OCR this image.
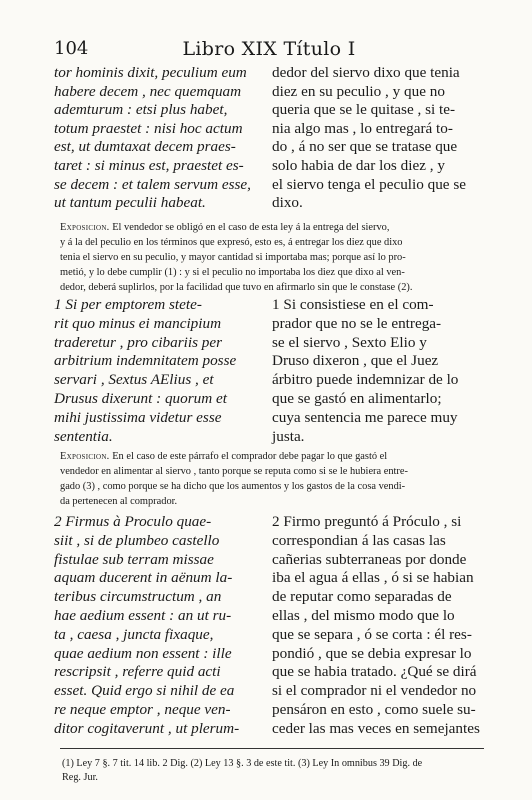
104	Libro XIX Título I

tor hominis dixit, peculium eum
habere decem , nec quemquam
ademturum : etsi plus habet,
totum praestet : nisi hoc actum
est, ut dumtaxat decem praes-
taret : si minus est, praestet es-
se decem : et talem servum esse,
ut tantum peculii habeat.

dedor del siervo dixo que tenia
diez en su peculio , y que no
queria que se le quitase , si te-
nia algo mas , lo entregará to-
do , á no ser que se tratase que
solo habia de dar los diez , y
el siervo tenga el peculio que se
dixo.

Exposicion. El vendedor se obligó en el caso de esta ley á la entrega del siervo,
y á la del peculio en los términos que expresó, esto es, á entregar los diez que dixo
tenia el siervo en su peculio, y mayor cantidad si importaba mas; porque así lo pro-
metió, y lo debe cumplir (1) : y si el peculio no importaba los diez que dixo al ven-
dedor, deberá suplirlos, por la facilidad que tuvo en afirmarlo sin que le constase (2).

1 Si per emptorem stete-
rit quo minus ei mancipium
traderetur , pro cibariis per
arbitrium indemnitatem posse
servari , Sextus AElius , et
Drusus dixerunt : quorum et
mihi justissima videtur esse
sententia.

1 Si consistiese en el com-
prador que no se le entrega-
se el siervo , Sexto Elio y
Druso dixeron , que el Juez
árbitro puede indemnizar de lo
que se gastó en alimentarlo;
cuya sentencia me parece muy
justa.

Exposicion. En el caso de este párrafo el comprador debe pagar lo que gastó el
vendedor en alimentar al siervo , tanto porque se reputa como si se le hubiera entre-
gado (3) , como porque se ha dicho que los aumentos y los gastos de la cosa vendi-
da pertenecen al comprador.

2 Firmus à Proculo quae-
siit , si de plumbeo castello
fistulae sub terram missae
aquam ducerent in aënum la-
teribus circumstructum , an
hae aedium essent : an ut ru-
ta , caesa , juncta fixaque,
quae aedium non essent : ille
rescripsit , referre quid acti
esset. Quid ergo si nihil de ea
re neque emptor , neque ven-
ditor cogitaverunt , ut plerum-

2 Firmo preguntó á Próculo , si correspondian á las casas las
cañerias subterraneas por donde
iba el agua á ellas , ó si se habian
de reputar como separadas de
ellas , del mismo modo que lo
que se separa , ó se corta : él res-
pondió , que se debia expresar lo
que se habia tratado. ¿Qué se dirá
si el comprador ni el vendedor no
pensáron en esto , como suele su-
ceder las mas veces en semejantes

(1) Ley 7 §. 7 tit. 14 lib. 2 Dig. (2) Ley 13 §. 3 de este tit. (3) Ley In omnibus 39 Dig. de
Reg. Jur.
